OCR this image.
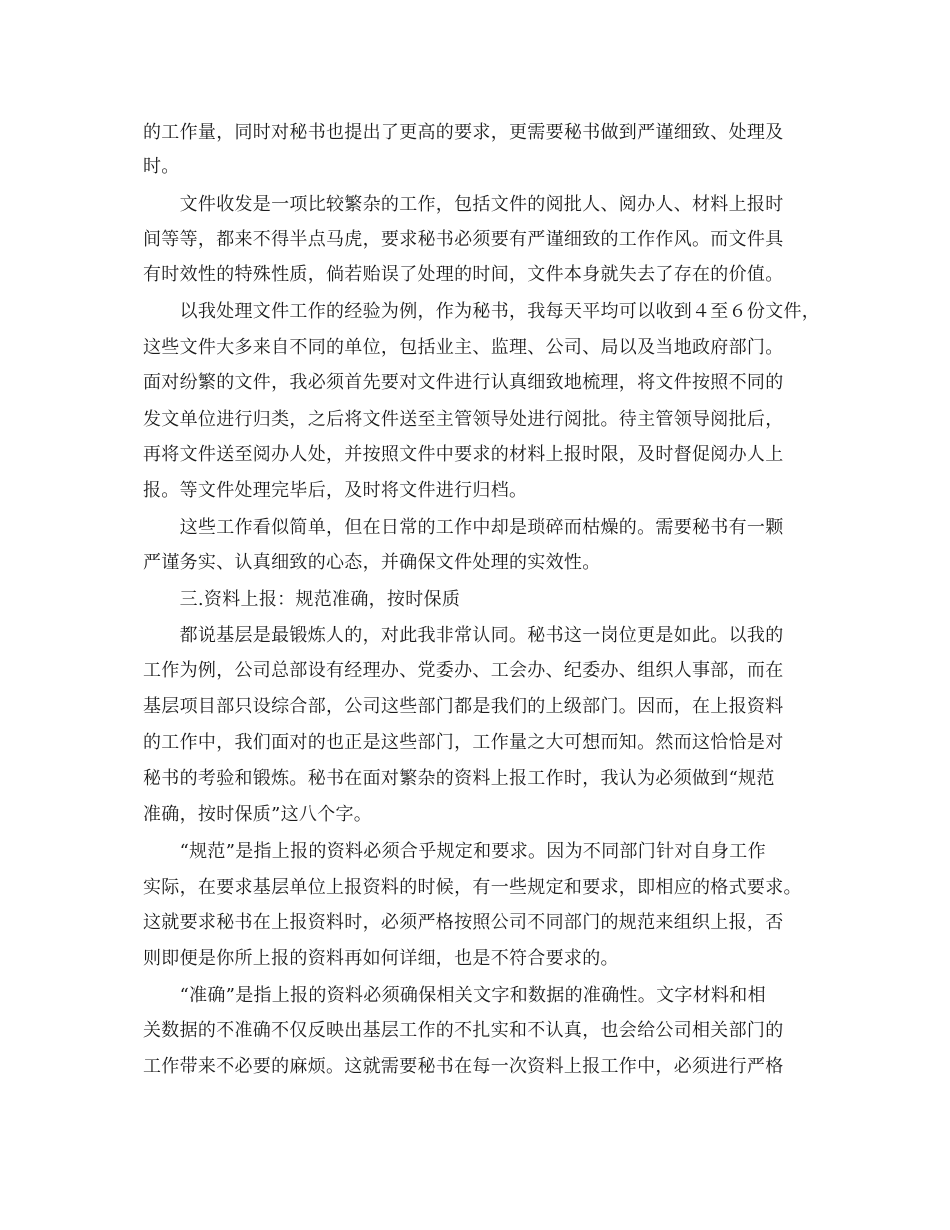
的工作量，同时对秘书也提出了更高的要求，更需要秘书做到严谨细致、处理及
时。
　　文件收发是一项比较繁杂的工作，包括文件的阅批人、阅办人、材料上报时
间等等，都来不得半点马虎，要求秘书必须要有严谨细致的工作作风。而文件具
有时效性的特殊性质，倘若贻误了处理的时间，文件本身就失去了存在的价值。
　　以我处理文件工作的经验为例，作为秘书，我每天平均可以收到４至６份文件，
这些文件大多来自不同的单位，包括业主、监理、公司、局以及当地政府部门。
面对纷繁的文件，我必须首先要对文件进行认真细致地梳理，将文件按照不同的
发文单位进行归类，之后将文件送至主管领导处进行阅批。待主管领导阅批后，
再将文件送至阅办人处，并按照文件中要求的材料上报时限，及时督促阅办人上
报。等文件处理完毕后，及时将文件进行归档。
　　这些工作看似简单，但在日常的工作中却是琐碎而枯燥的。需要秘书有一颗
严谨务实、认真细致的心态，并确保文件处理的实效性。
　　三.资料上报：规范准确，按时保质
　　都说基层是最锻炼人的，对此我非常认同。秘书这一岗位更是如此。以我的
工作为例，公司总部设有经理办、党委办、工会办、纪委办、组织人事部，而在
基层项目部只设综合部，公司这些部门都是我们的上级部门。因而，在上报资料
的工作中，我们面对的也正是这些部门，工作量之大可想而知。然而这恰恰是对
秘书的考验和锻炼。秘书在面对繁杂的资料上报工作时，我认为必须做到“规范
准确，按时保质”这八个字。
　　“规范”是指上报的资料必须合乎规定和要求。因为不同部门针对自身工作
实际，在要求基层单位上报资料的时候，有一些规定和要求，即相应的格式要求。
这就要求秘书在上报资料时，必须严格按照公司不同部门的规范来组织上报，否
则即便是你所上报的资料再如何详细，也是不符合要求的。
　　“准确”是指上报的资料必须确保相关文字和数据的准确性。文字材料和相
关数据的不准确不仅反映出基层工作的不扎实和不认真，也会给公司相关部门的
工作带来不必要的麻烦。这就需要秘书在每一次资料上报工作中，必须进行严格
